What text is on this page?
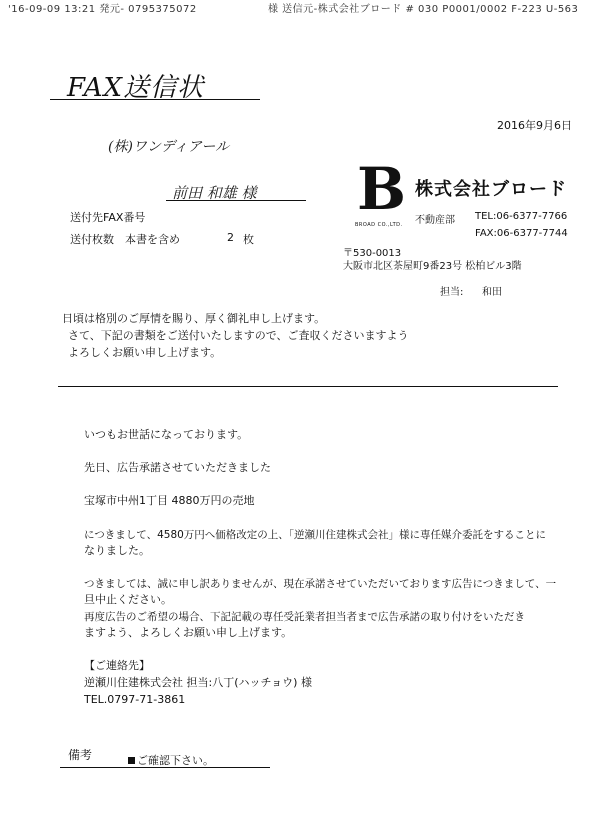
'16-09-09 13:21 発元- 0795375072	様 送信元-株式会社ブロード # 030 P0001/0002 F-223 U-563
FAX送信状
2016年9月6日
(株)ワンディアール
前田 和雄 様
送付先FAX番号
送付枚数 本書を含め	2 枚
B
BROAD CO.,LTD.
株式会社ブロード
不動産部 TEL:06-6377-7766
FAX:06-6377-7744
〒530-0013
大阪市北区茶屋町9番23号 松柏ビル3階
担当: 和田
日頃は格別のご厚情を賜り、厚く御礼申し上げます。
さて、下記の書類をご送付いたしますので、ご査収くださいますよう
よろしくお願い申し上げます。
いつもお世話になっております。
先日、広告承諾させていただきました
宝塚市中州1丁目 4880万円の売地
につきまして、4580万円へ価格改定の上、「逆瀬川住建株式会社」様に専任媒介委託をすることに
なりました。
つきましては、誠に申し訳ありませんが、現在承諾させていただいております広告につきまして、一
旦中止ください。
再度広告のご希望の場合、下記記載の専任受託業者担当者まで広告承諾の取り付けをいただき
ますよう、よろしくお願い申し上げます。
【ご連絡先】
逆瀬川住建株式会社 担当:八丁(ハッチョウ) 様
TEL.0797-71-3861
備考	ご確認下さい。
